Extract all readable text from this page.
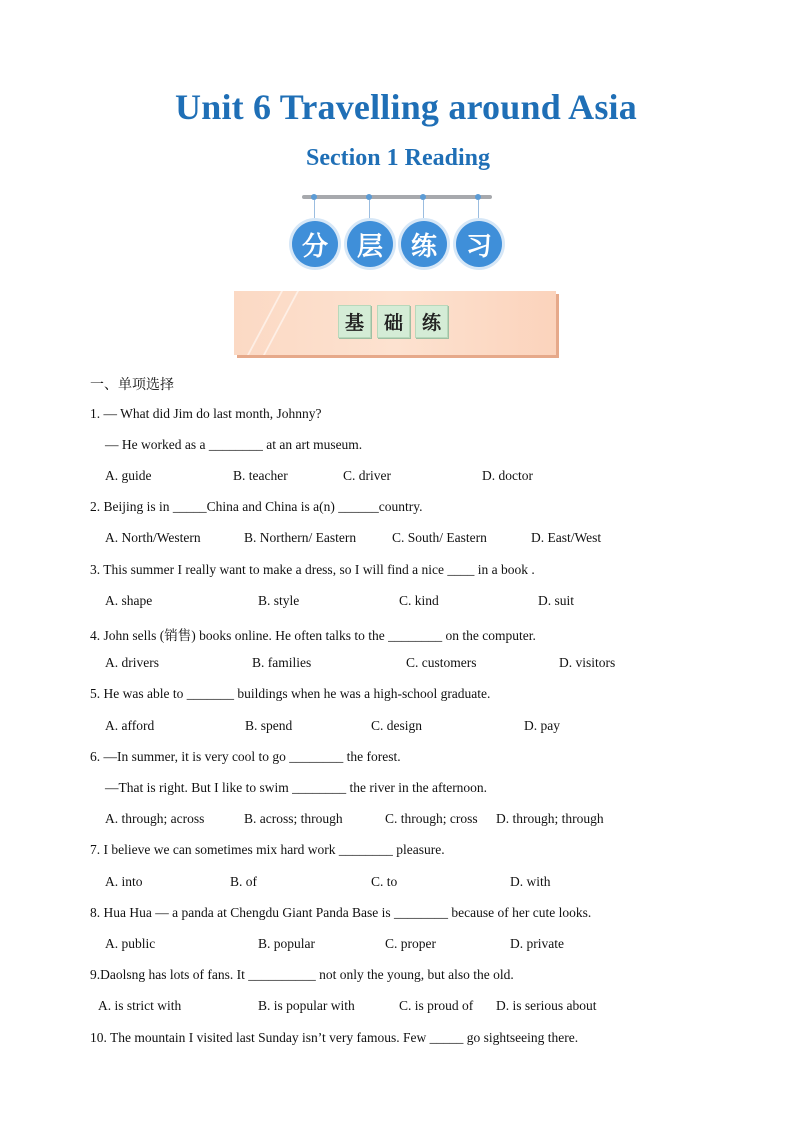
Unit 6 Travelling around Asia
Section 1 Reading
分	层	练	习
基	础 练
一、单项选择
1. — What did Jim do last month, Johnny?
— He worked as a ________ at an art museum.
A. guide	B. teacher	C. driver	D. doctor
2. Beijing is in _____China and China is a(n) ______country.
A. North/Western	B. Northern/ Eastern	C. South/ Eastern	D. East/West
3. This summer I really want to make a dress, so I will find a nice ____ in a book .
A. shape	B. style	C. kind	D. suit
4. John sells (销售) books online. He often talks to the ________ on the computer.
A. drivers	B. families	C. customers	D. visitors
5. He was able to _______ buildings when he was a high-school graduate.
A. afford	B. spend	C. design	D. pay
6. —In summer, it is very cool to go ________ the forest.
—That is right. But I like to swim ________ the river in the afternoon.
A. through; across	B. across; through	C. through; cross D. through; through
7. I believe we can sometimes mix hard work ________ pleasure.
A. into	B. of	C. to	D. with
8. Hua Hua — a panda at Chengdu Giant Panda Base is ________ because of her cute looks.
A. public	B. popular	C. proper	D. private
9.Daolsng has lots of fans. It __________ not only the young, but also the old.
A. is strict with	B. is popular with	C. is proud of D. is serious about
10. The mountain I visited last Sunday isn’t very famous. Few _____ go sightseeing there.
